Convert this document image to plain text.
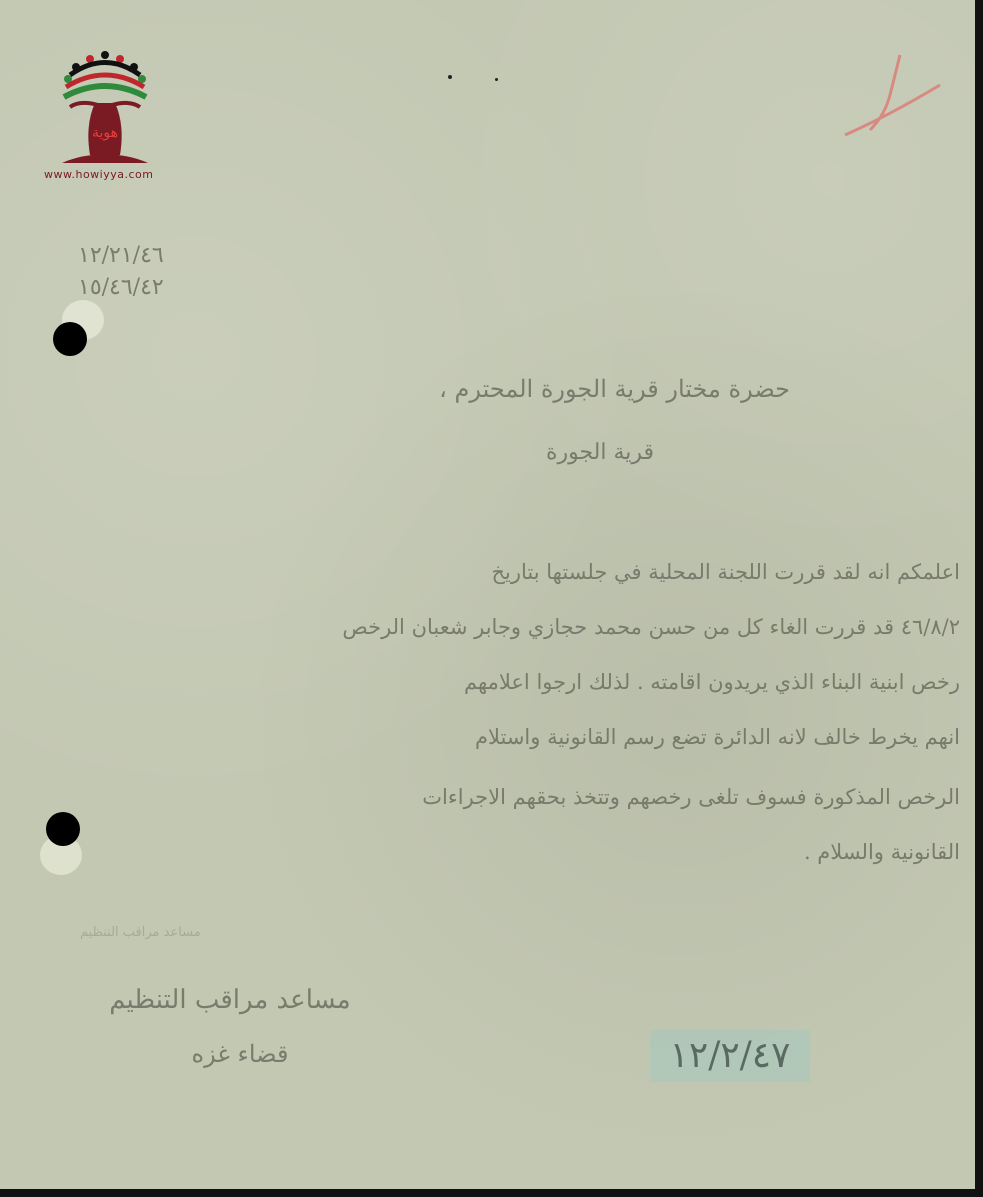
هوية
www.howiyya.com
١٢/٢١/٤٦
١٥/٤٦/٤٢
حضرة مختار قرية الجورة المحترم ،
قرية الجورة
اعلمكم انه لقد قررت اللجنة المحلية في جلستها بتاريخ
٤٦/٨/٢ قد قررت الغاء كل من حسن محمد حجازي وجابر شعبان الرخص
رخص ابنية البناء الذي يريدون اقامته . لذلك ارجوا اعلامهم
انهم يخرط خالف لانه الدائرة تضع رسم القانونية واستلام
الرخص المذكورة فسوف تلغى رخصهم وتتخذ بحقهم الاجراءات
القانونية والسلام .
مساعد مراقب التنظيم
مساعد مراقب التنظيم
قضاء غزه	١٢/٢/٤٧
